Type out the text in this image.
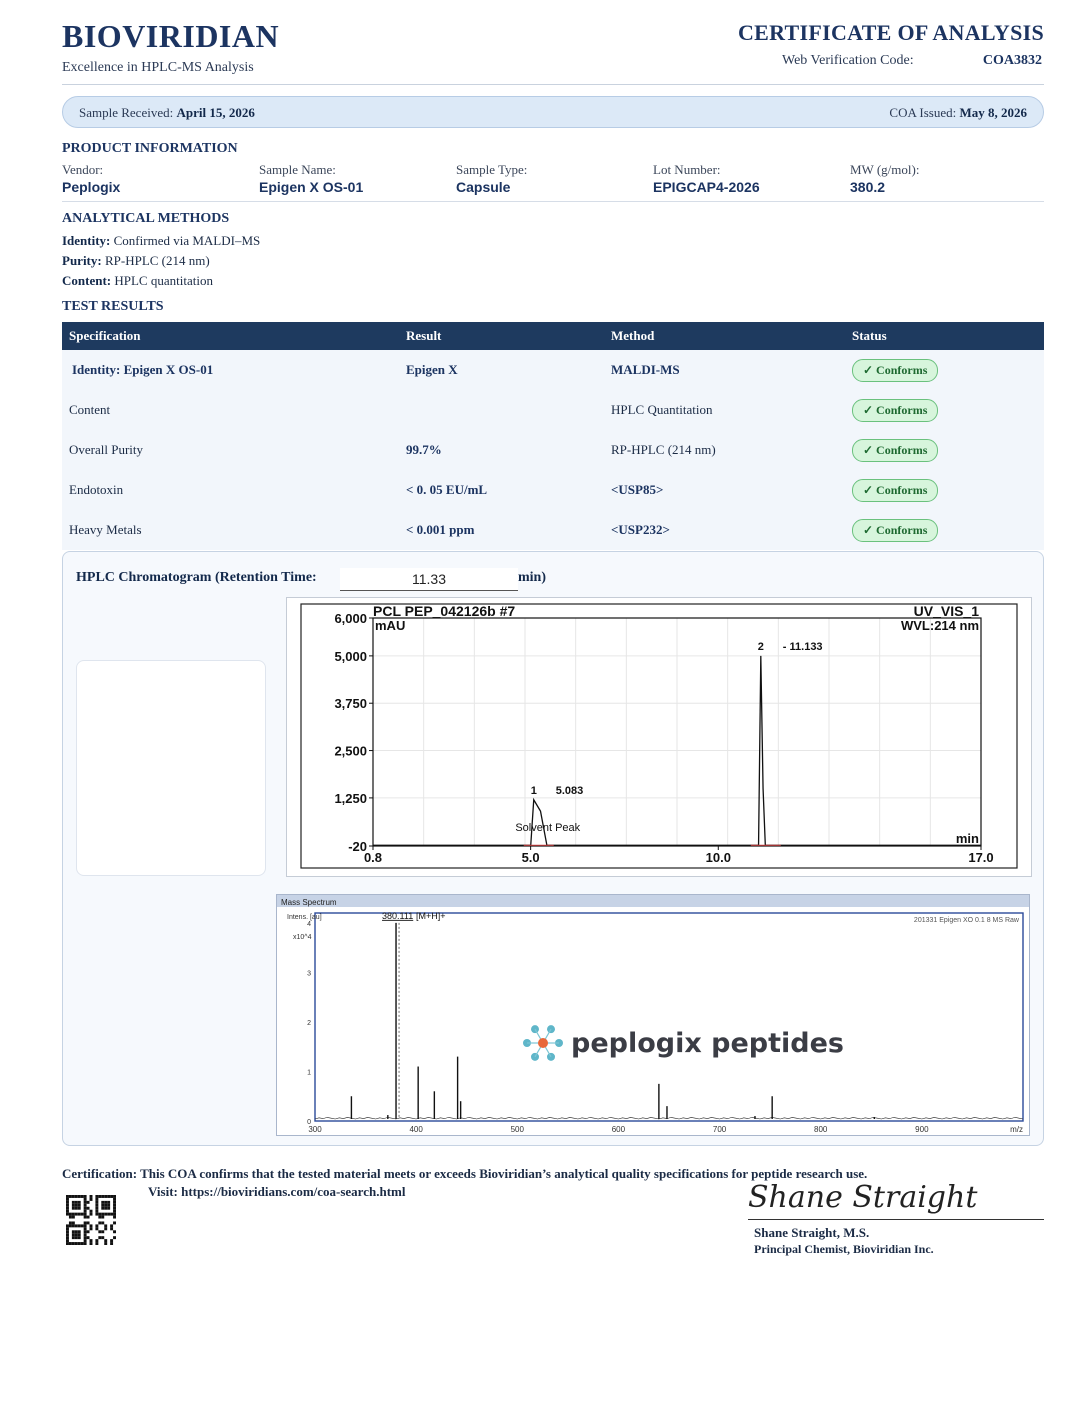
BIOVIRIDIAN
Excellence in HPLC-MS Analysis
CERTIFICATE OF ANALYSIS
Web Verification Code:	COA3832
Sample Received: April 15, 2026	COA Issued: May 8, 2026
PRODUCT INFORMATION
Vendor:
Peplogix
Sample Name:
Epigen X OS-01
Sample Type:
Capsule
Lot Number:
EPIGCAP4-2026
MW (g/mol):
380.2
ANALYTICAL METHODS
Identity: Confirmed via MALDI–MS
Purity: RP-HPLC (214 nm)
Content: HPLC quantitation
TEST RESULTS
Specification	Result	Method	Status
Identity: Epigen X OS-01	Epigen X	MALDI-MS	✓ Conforms
Content		HPLC Quantitation	✓ Conforms
Overall Purity	99.7%	RP-HPLC (214 nm)	✓ Conforms
Endotoxin	< 0. 05 EU/mL	<USP85>	✓ Conforms
Heavy Metals	< 0.001 ppm	<USP232>	✓ Conforms
HPLC Chromatogram (Retention Time:
11.33	min)
6,000
5,000
3,750
2,500
1,250
-20
0.8	5.0	10.0	17.0
mAU
min
PCL PEP_042126b #7	UV_VIS_1
WVL:214 nm
1 5.083
2 - 11.133
Solvent Peak
Mass Spectrum
300	400	500	600	700	800	900	m/z
0
1
2
3
4
Intens. [au]
x10^4
201331 Epigen XO 0.1 8 MS Raw
380.111 [M+H]+
peplogix peptides
Certification: This COA confirms that the tested material meets or exceeds Bioviridian’s analytical quality specifications for peptide research use.
Visit: https://bioviridians.com/coa-search.html	Shane Straight
Shane Straight, M.S.
Principal Chemist, Bioviridian Inc.
